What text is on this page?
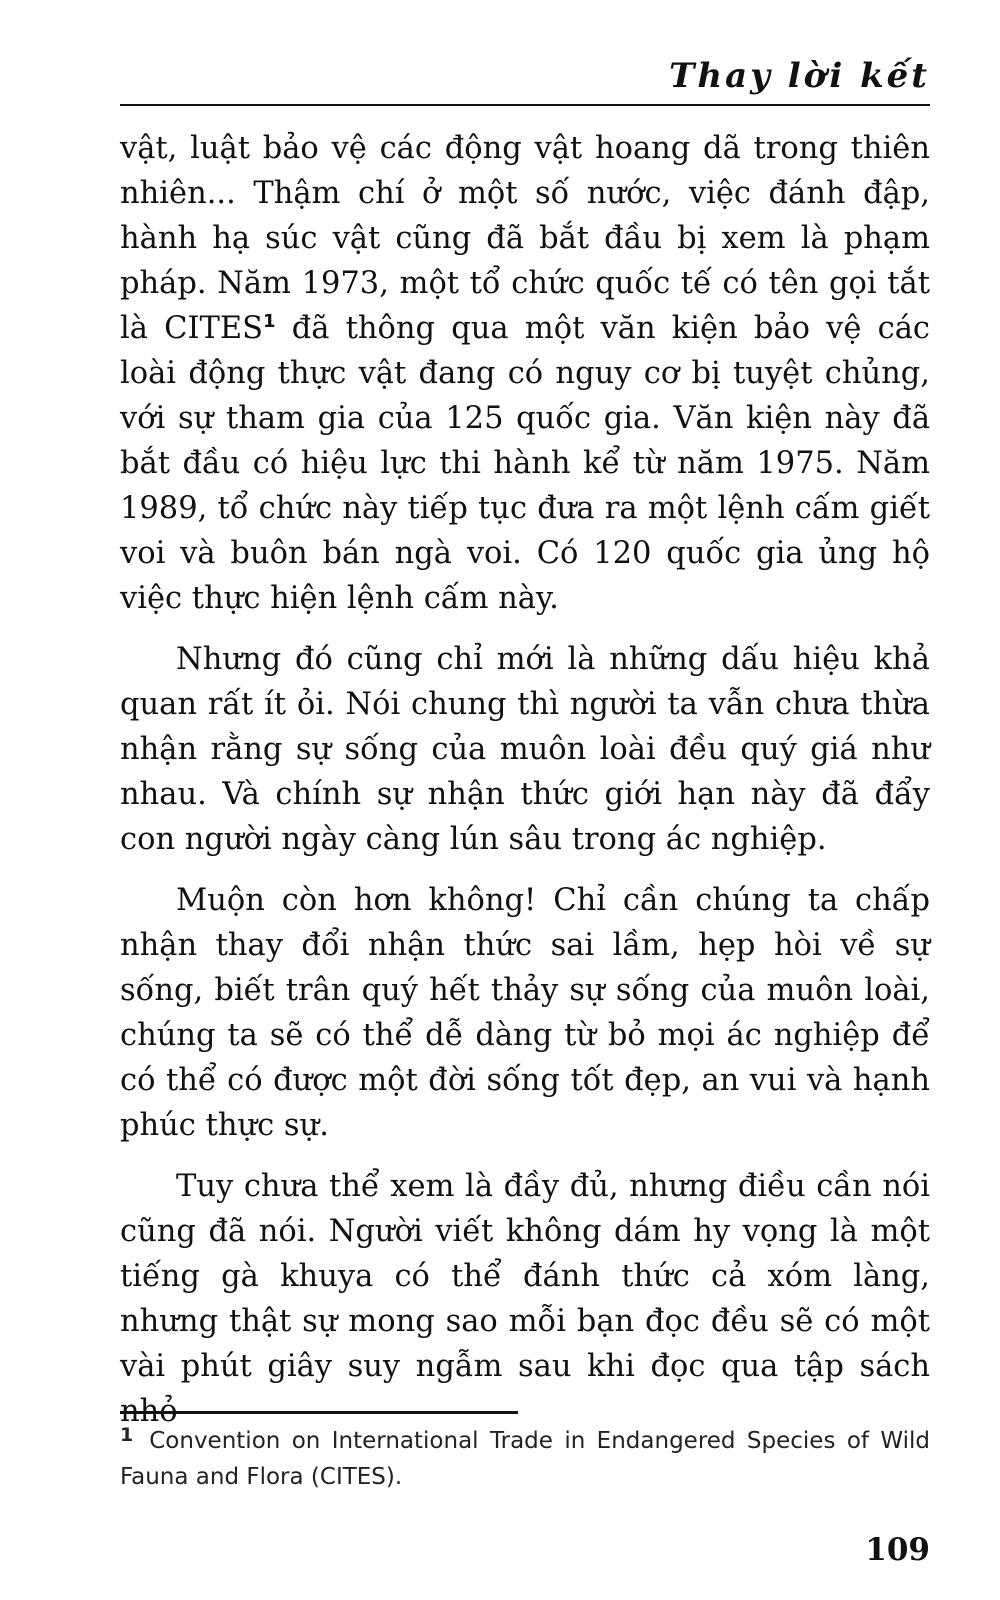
Thay lời kết

vật, luật bảo vệ các động vật hoang dã trong thiên nhiên... Thậm chí ở một số nước, việc đánh đập, hành hạ súc vật cũng đã bắt đầu bị xem là phạm pháp. Năm 1973, một tổ chức quốc tế có tên gọi tắt là CITES$^1$ đã thông qua một văn kiện bảo vệ các loài động thực vật đang có nguy cơ bị tuyệt chủng, với sự tham gia của 125 quốc gia. Văn kiện này đã bắt đầu có hiệu lực thi hành kể từ năm 1975. Năm 1989, tổ chức này tiếp tục đưa ra một lệnh cấm giết voi và buôn bán ngà voi. Có 120 quốc gia ủng hộ việc thực hiện lệnh cấm này.

Nhưng đó cũng chỉ mới là những dấu hiệu khả quan rất ít ỏi. Nói chung thì người ta vẫn chưa thừa nhận rằng sự sống của muôn loài đều quý giá như nhau. Và chính sự nhận thức giới hạn này đã đẩy con người ngày càng lún sâu trong ác nghiệp.

Muộn còn hơn không! Chỉ cần chúng ta chấp nhận thay đổi nhận thức sai lầm, hẹp hòi về sự sống, biết trân quý hết thảy sự sống của muôn loài, chúng ta sẽ có thể dễ dàng từ bỏ mọi ác nghiệp để có thể có được một đời sống tốt đẹp, an vui và hạnh phúc thực sự.

Tuy chưa thể xem là đầy đủ, nhưng điều cần nói cũng đã nói. Người viết không dám hy vọng là một tiếng gà khuya có thể đánh thức cả xóm làng, nhưng thật sự mong sao mỗi bạn đọc đều sẽ có một vài phút giây suy ngẫm sau khi đọc qua tập sách nhỏ

$^1$ Convention on International Trade in Endangered Species of Wild Fauna and Flora (CITES).
109
